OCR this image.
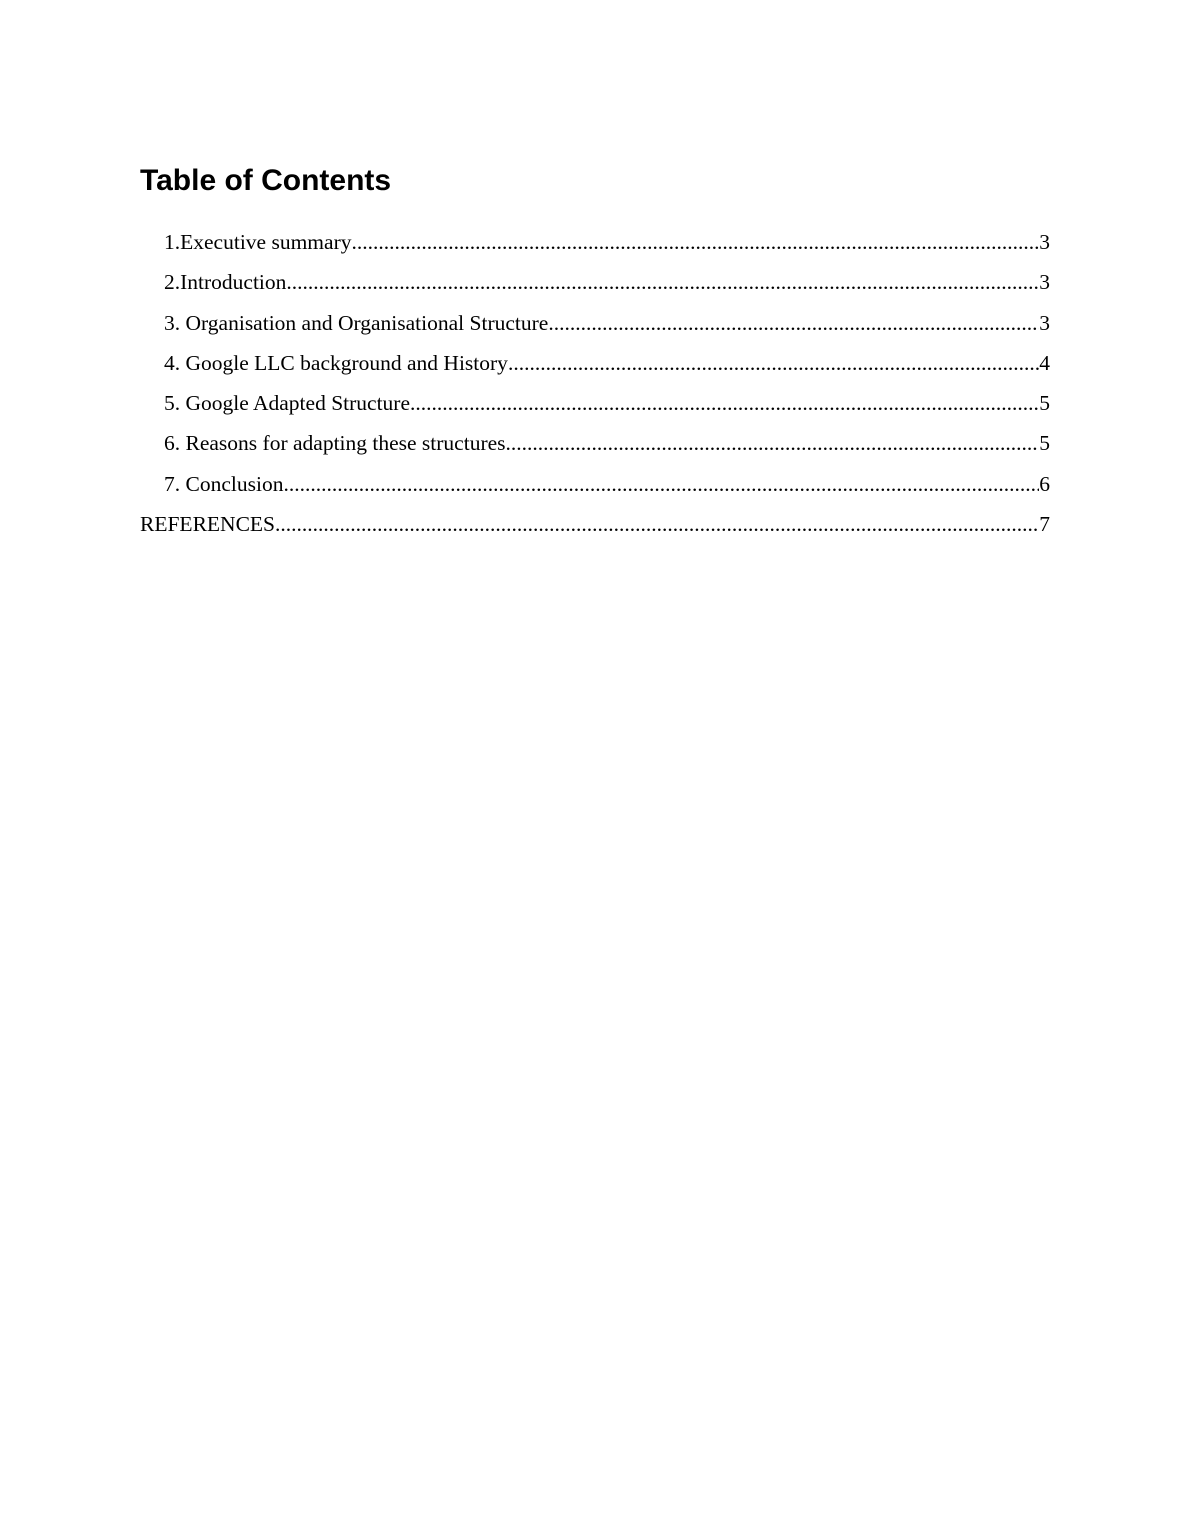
Table of Contents
1.Executive summary .....	3
2.Introduction .....	3
3. Organisation and Organisational Structure .....	3
4. Google LLC background and History .....	4
5. Google Adapted Structure .....	5
6. Reasons for adapting these structures .....	5
7. Conclusion .....	6
REFERENCES .....	7
